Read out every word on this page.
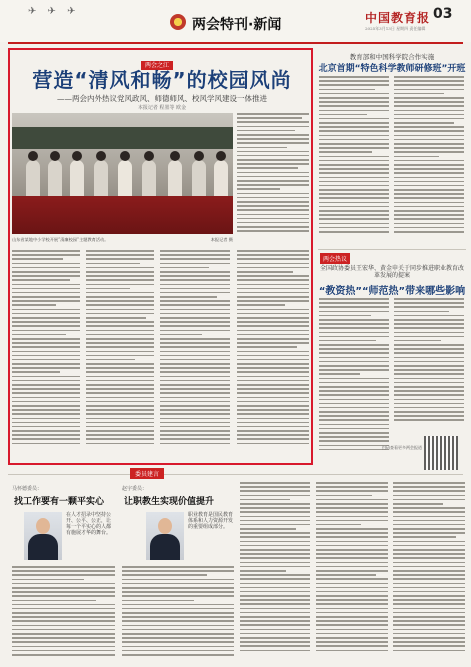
✈ ✈ ✈
两会特刊·新闻	中国教育报 03
2025年3月13日 星期四 责任编辑
两会之江
营造“清风和畅”的校园风尚
——两会内外热议党风政风、师德师风、校风学风建设一体推进
本报记者 程墨等 欧金
山东省某地中小学校开展“清廉校园”主题教育活动。	本报记者 摄
教育部和中国科学院合作实施
北京首期“特色科学教师研修班”开班
两会热议
全国政协委员王宏华、黄金申关于同步推进职业教育改革发展的提案
“教资热”“师范热”带来哪些影响
扫码查看更多两会报道
委员建言
马怀德委员：
找工作要有一颗平实心
在人才招录中坚持公开、公平、公正，让每一个平实心的人都有施展才华的舞台。
赵宇委员：
让职教生实现价值提升
职业教育是国民教育体系和人力资源开发的重要组成部分。
